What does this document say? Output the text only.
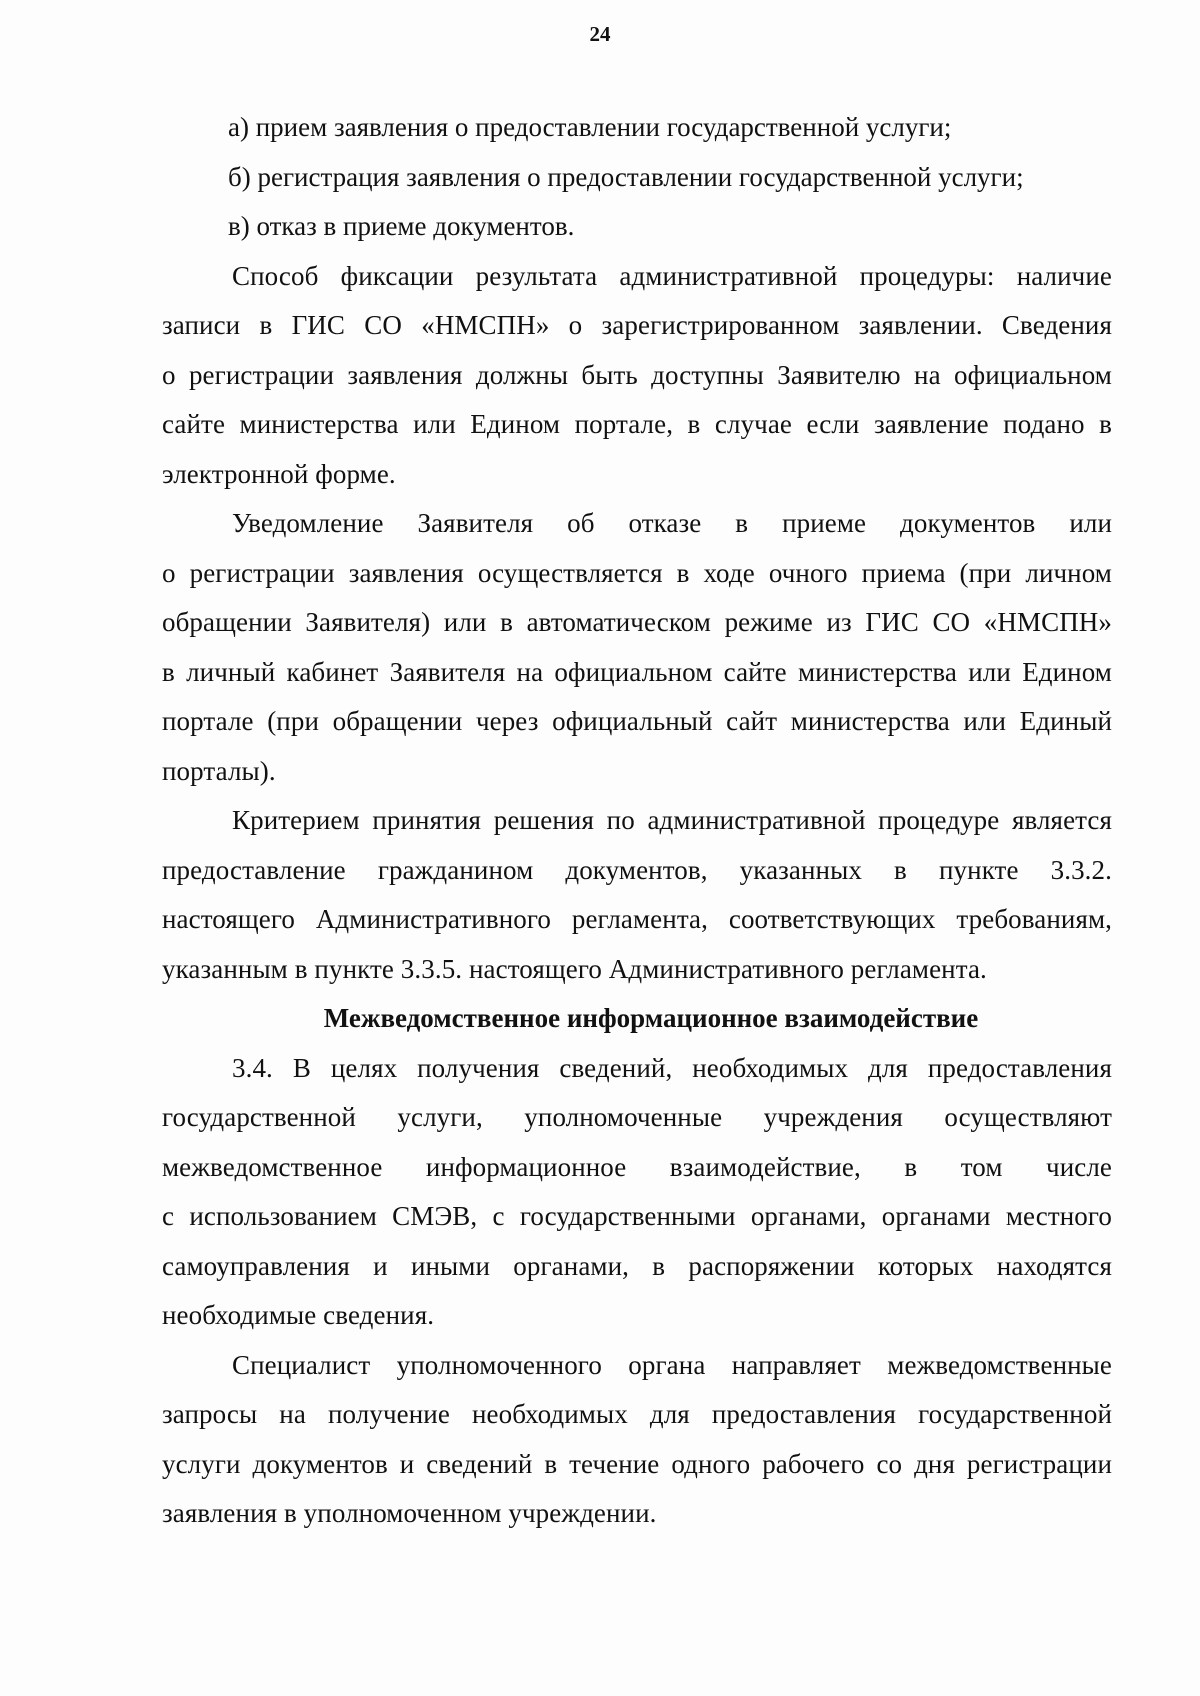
24
а) прием заявления о предоставлении государственной услуги;
б) регистрация заявления о предоставлении государственной услуги;
в) отказ в приеме документов.
Способ фиксации результата административной процедуры: наличие
записи в ГИС СО «НМСПН» о зарегистрированном заявлении. Сведения
о регистрации заявления должны быть доступны Заявителю на официальном
сайте министерства или Едином портале, в случае если заявление подано в
электронной форме.
Уведомление Заявителя об отказе в приеме документов или
о регистрации заявления осуществляется в ходе очного приема (при личном
обращении Заявителя) или в автоматическом режиме из ГИС СО «НМСПН»
в личный кабинет Заявителя на официальном сайте министерства или Едином
портале (при обращении через официальный сайт министерства или Единый
порталы).
Критерием принятия решения по административной процедуре является
предоставление гражданином документов, указанных в пункте 3.3.2.
настоящего Административного регламента, соответствующих требованиям,
указанным в пункте 3.3.5. настоящего Административного регламента.
Межведомственное информационное взаимодействие
3.4. В целях получения сведений, необходимых для предоставления
государственной услуги, уполномоченные учреждения осуществляют
межведомственное информационное взаимодействие, в том числе
с использованием СМЭВ, с государственными органами, органами местного
самоуправления и иными органами, в распоряжении которых находятся
необходимые сведения.
Специалист уполномоченного органа направляет межведомственные
запросы на получение необходимых для предоставления государственной
услуги документов и сведений в течение одного рабочего со дня регистрации
заявления в уполномоченном учреждении.
